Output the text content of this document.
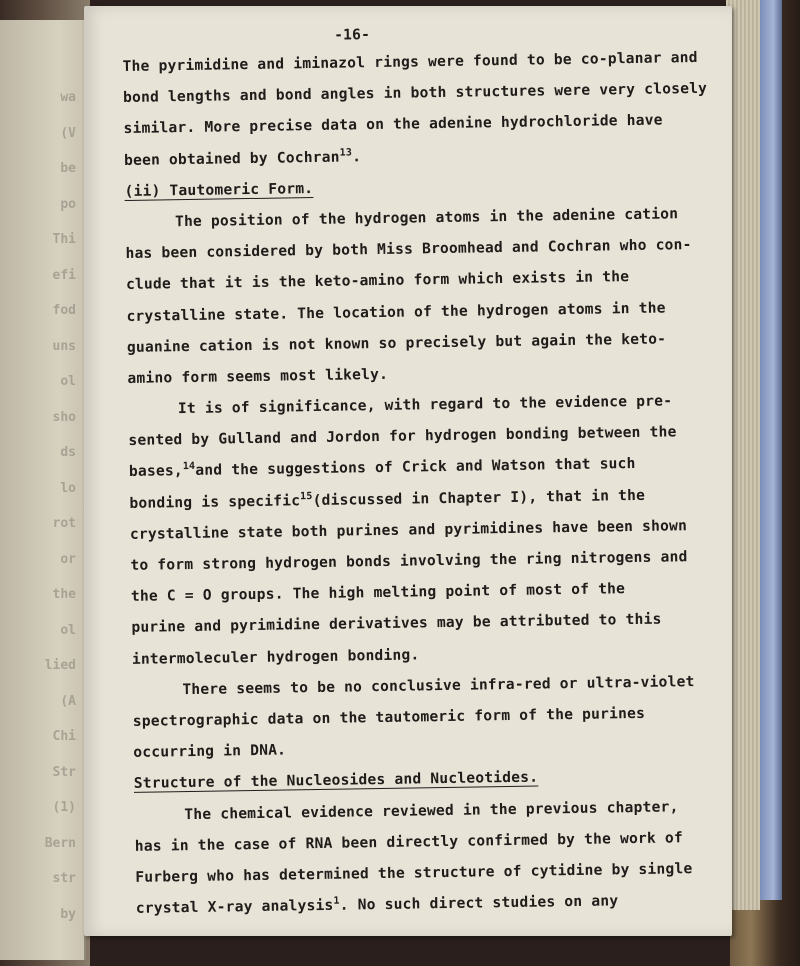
wa
(V
be
po
Thi
efi
fod
uns
ol
sho
ds
lo
rot
or
the
ol
lied
(A
Chi
Str
(1)
Bern
str
by
-16-
The pyrimidine and iminazol rings were found to be co-planar and
bond lengths and bond angles in both structures were very closely
similar. More precise data on the adenine hydrochloride have
been obtained by Cochran$^{13}$.
(ii) Tautomeric Form.
The position of the hydrogen atoms in the adenine cation
has been considered by both Miss Broomhead and Cochran who con-
clude that it is the keto-amino form which exists in the
crystalline state. The location of the hydrogen atoms in the
guanine cation is not known so precisely but again the keto-
amino form seems most likely.
It is of significance, with regard to the evidence pre-
sented by Gulland and Jordon for hydrogen bonding between the
bases,$^{14}$and the suggestions of Crick and Watson that such
bonding is specific$^{15}$(discussed in Chapter I), that in the
crystalline state both purines and pyrimidines have been shown
to form strong hydrogen bonds involving the ring nitrogens and
the C = O groups. The high melting point of most of the
purine and pyrimidine derivatives may be attributed to this
intermoleculer hydrogen bonding.
There seems to be no conclusive infra-red or ultra-violet
spectrographic data on the tautomeric form of the purines
occurring in DNA.
Structure of the Nucleosides and Nucleotides.
The chemical evidence reviewed in the previous chapter,
has in the case of RNA been directly confirmed by the work of
Furberg who has determined the structure of cytidine by single
crystal X-ray analysis$^1$. No such direct studies on any
